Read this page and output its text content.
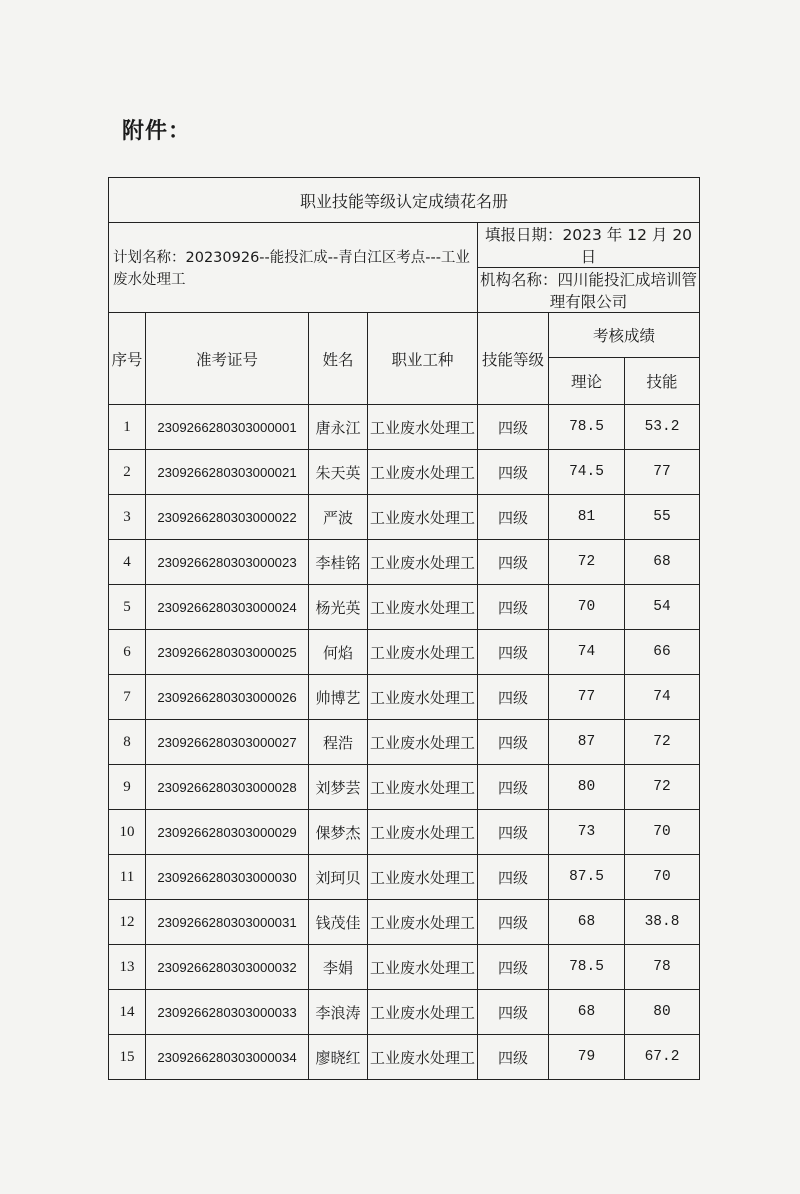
附件：
职业技能等级认定成绩花名册						
计划名称：20230926--能投汇成--青白江区考点---工业废水处理工				填报日期：2023 年 12 月 20 日		
				机构名称：四川能投汇成培训管理有限公司		
序号	准考证号	姓名	职业工种	技能等级	考核成绩	
					理论	技能
1	2309266280303000001	唐永江	工业废水处理工	四级	78.5	53.2
2	2309266280303000021	朱天英	工业废水处理工	四级	74.5	77
3	2309266280303000022	严波	工业废水处理工	四级	81	55
4	2309266280303000023	李桂铭	工业废水处理工	四级	72	68
5	2309266280303000024	杨光英	工业废水处理工	四级	70	54
6	2309266280303000025	何焰	工业废水处理工	四级	74	66
7	2309266280303000026	帅博艺	工业废水处理工	四级	77	74
8	2309266280303000027	程浩	工业废水处理工	四级	87	72
9	2309266280303000028	刘梦芸	工业废水处理工	四级	80	72
10	2309266280303000029	倮梦杰	工业废水处理工	四级	73	70
11	2309266280303000030	刘珂贝	工业废水处理工	四级	87.5	70
12	2309266280303000031	钱茂佳	工业废水处理工	四级	68	38.8
13	2309266280303000032	李娟	工业废水处理工	四级	78.5	78
14	2309266280303000033	李浪涛	工业废水处理工	四级	68	80
15	2309266280303000034	廖晓红	工业废水处理工	四级	79	67.2
